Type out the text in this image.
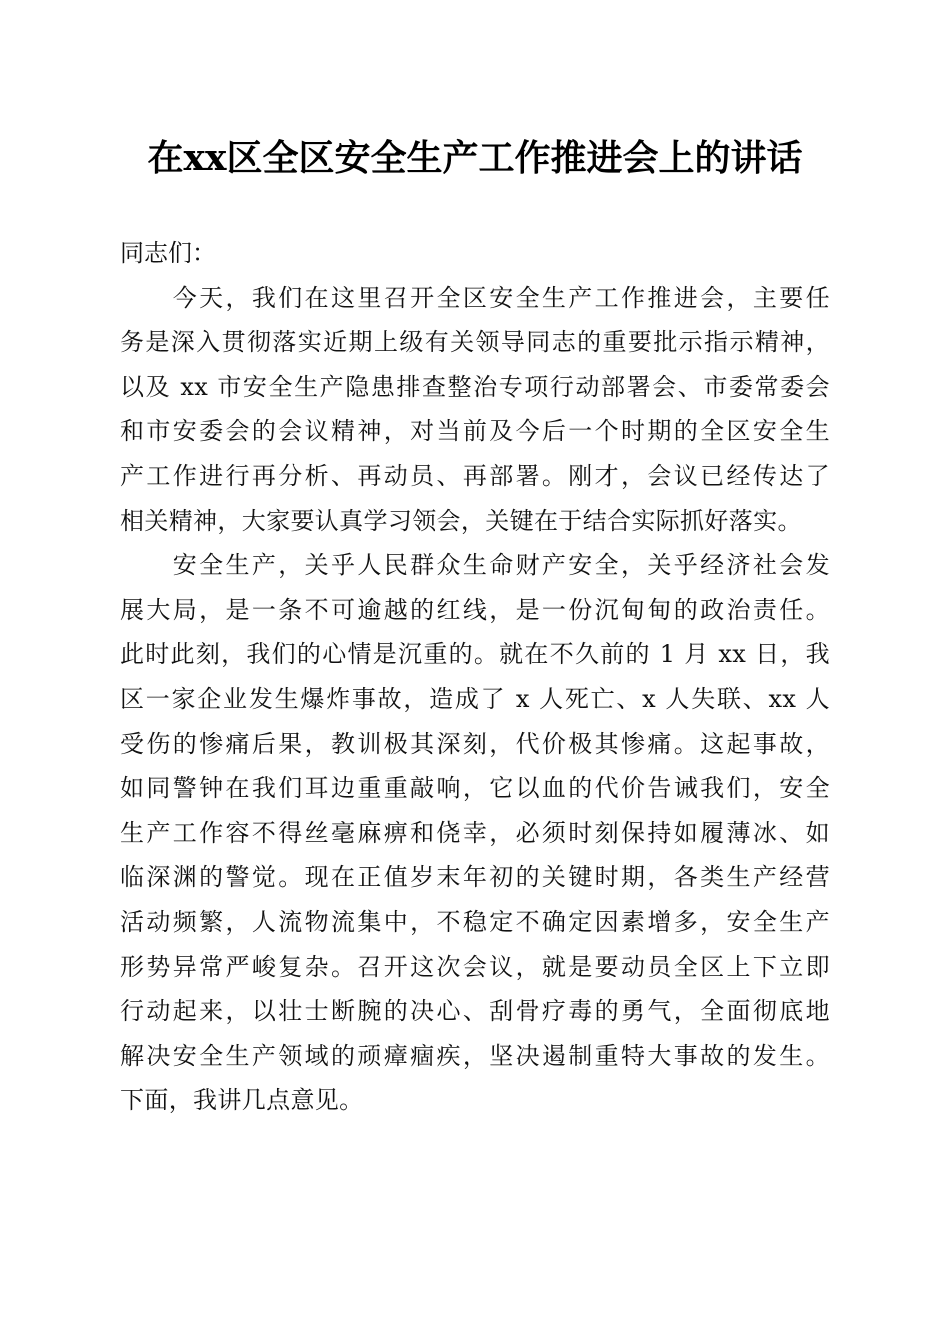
在xx区全区安全生产工作推进会上的讲话

同志们：

　　今天，我们在这里召开全区安全生产工作推进会，主要任
务是深入贯彻落实近期上级有关领导同志的重要批示指示精神，
以及 xx 市安全生产隐患排查整治专项行动部署会、市委常委会
和市安委会的会议精神，对当前及今后一个时期的全区安全生
产工作进行再分析、再动员、再部署。刚才，会议已经传达了
相关精神，大家要认真学习领会，关键在于结合实际抓好落实。

　　安全生产，关乎人民群众生命财产安全，关乎经济社会发
展大局，是一条不可逾越的红线，是一份沉甸甸的政治责任。
此时此刻，我们的心情是沉重的。就在不久前的 1 月 xx 日，我
区一家企业发生爆炸事故，造成了 x 人死亡、x 人失联、xx 人
受伤的惨痛后果，教训极其深刻，代价极其惨痛。这起事故，
如同警钟在我们耳边重重敲响，它以血的代价告诫我们，安全
生产工作容不得丝毫麻痹和侥幸，必须时刻保持如履薄冰、如
临深渊的警觉。现在正值岁末年初的关键时期，各类生产经营
活动频繁，人流物流集中，不稳定不确定因素增多，安全生产
形势异常严峻复杂。召开这次会议，就是要动员全区上下立即
行动起来，以壮士断腕的决心、刮骨疗毒的勇气，全面彻底地
解决安全生产领域的顽瘴痼疾，坚决遏制重特大事故的发生。
下面，我讲几点意见。
